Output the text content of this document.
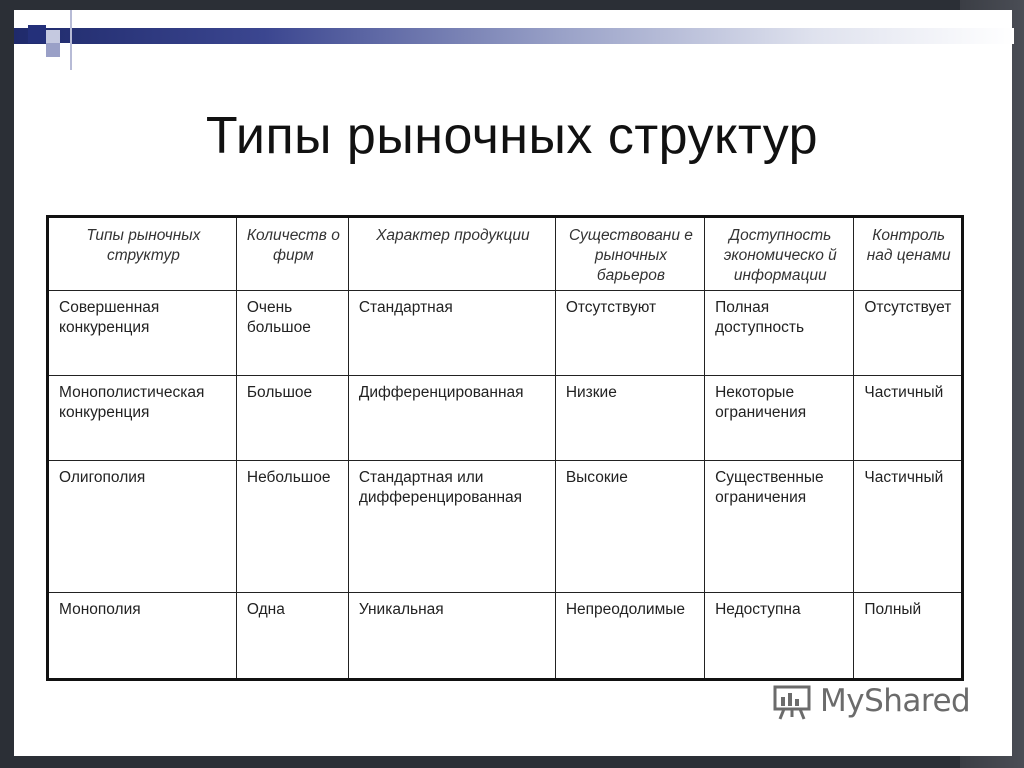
Типы рыночных структур
Типы рыночных структур	Количеств о фирм	Характер продукции	Существовани е рыночных барьеров	Доступность экономическо й информации	Контроль над ценами
Совершенная конкуренция	Очень большое	Стандартная	Отсутствуют	Полная доступность	Отсутствует
Монополистическая конкуренция	Большое	Дифференцированная	Низкие	Некоторые ограничения	Частичный
Олигополия	Небольшое	Стандартная или дифференцированная	Высокие	Существенные ограничения	Частичный
Монополия	Одна	Уникальная	Непреодолимые	Недоступна	Полный
MyShared
